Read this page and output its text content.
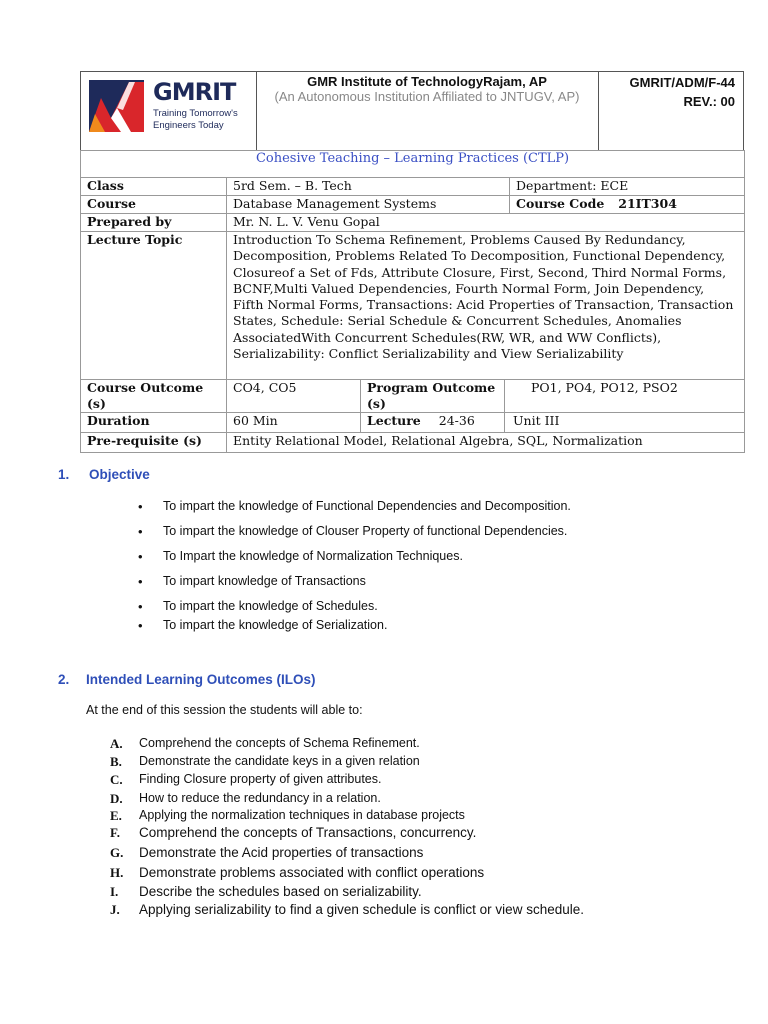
GMRIT
Training Tomorrow's
Engineers Today
GMR Institute of TechnologyRajam, AP
(An Autonomous Institution Affiliated to JNTUGV, AP)
GMRIT/ADM/F-44
REV.: 00
Cohesive Teaching – Learning Practices (CTLP)				
Class	5rd Sem. – B. Tech			Department: ECE
Course	Database Management Systems			Course Code 21IT304
Prepared by	Mr. N. L. V. Venu Gopal			
Lecture Topic	Introduction To Schema Refinement, Problems Caused By Redundancy, Decomposition, Problems Related To Decomposition, Functional Dependency, Closureof a Set of Fds, Attribute Closure, First, Second, Third Normal Forms, BCNF,Multi Valued Dependencies, Fourth Normal Form, Join Dependency, Fifth Normal Forms, Transactions: Acid Properties of Transaction, Transaction States, Schedule: Serial Schedule & Concurrent Schedules, Anomalies AssociatedWith Concurrent Schedules(RW, WR, and WW Conflicts), Serializability: Conflict Serializability and View Serializability			
Course Outcome (s)	CO4, CO5	Program Outcome (s)	PO1, PO4, PO12, PSO2	
Duration	60 Min	Lecture 24-36	Unit III	
Pre-requisite (s)	Entity Relational Model, Relational Algebra, SQL, Normalization			
1. Objective
• To impart the knowledge of Functional Dependencies and Decomposition.
• To impart the knowledge of Clouser Property of functional Dependencies.
• To Impart the knowledge of Normalization Techniques.
• To impart knowledge of Transactions
• To impart the knowledge of Schedules.
• To impart the knowledge of Serialization.
2. Intended Learning Outcomes (ILOs)
At the end of this session the students will able to:
A. Comprehend the concepts of Schema Refinement.
B. Demonstrate the candidate keys in a given relation
C. Finding Closure property of given attributes.
D. How to reduce the redundancy in a relation.
E. Applying the normalization techniques in database projects
F. Comprehend the concepts of Transactions, concurrency.
G. Demonstrate the Acid properties of transactions
H. Demonstrate problems associated with conflict operations
I. Describe the schedules based on serializability.
J. Applying serializability to find a given schedule is conflict or view schedule.
